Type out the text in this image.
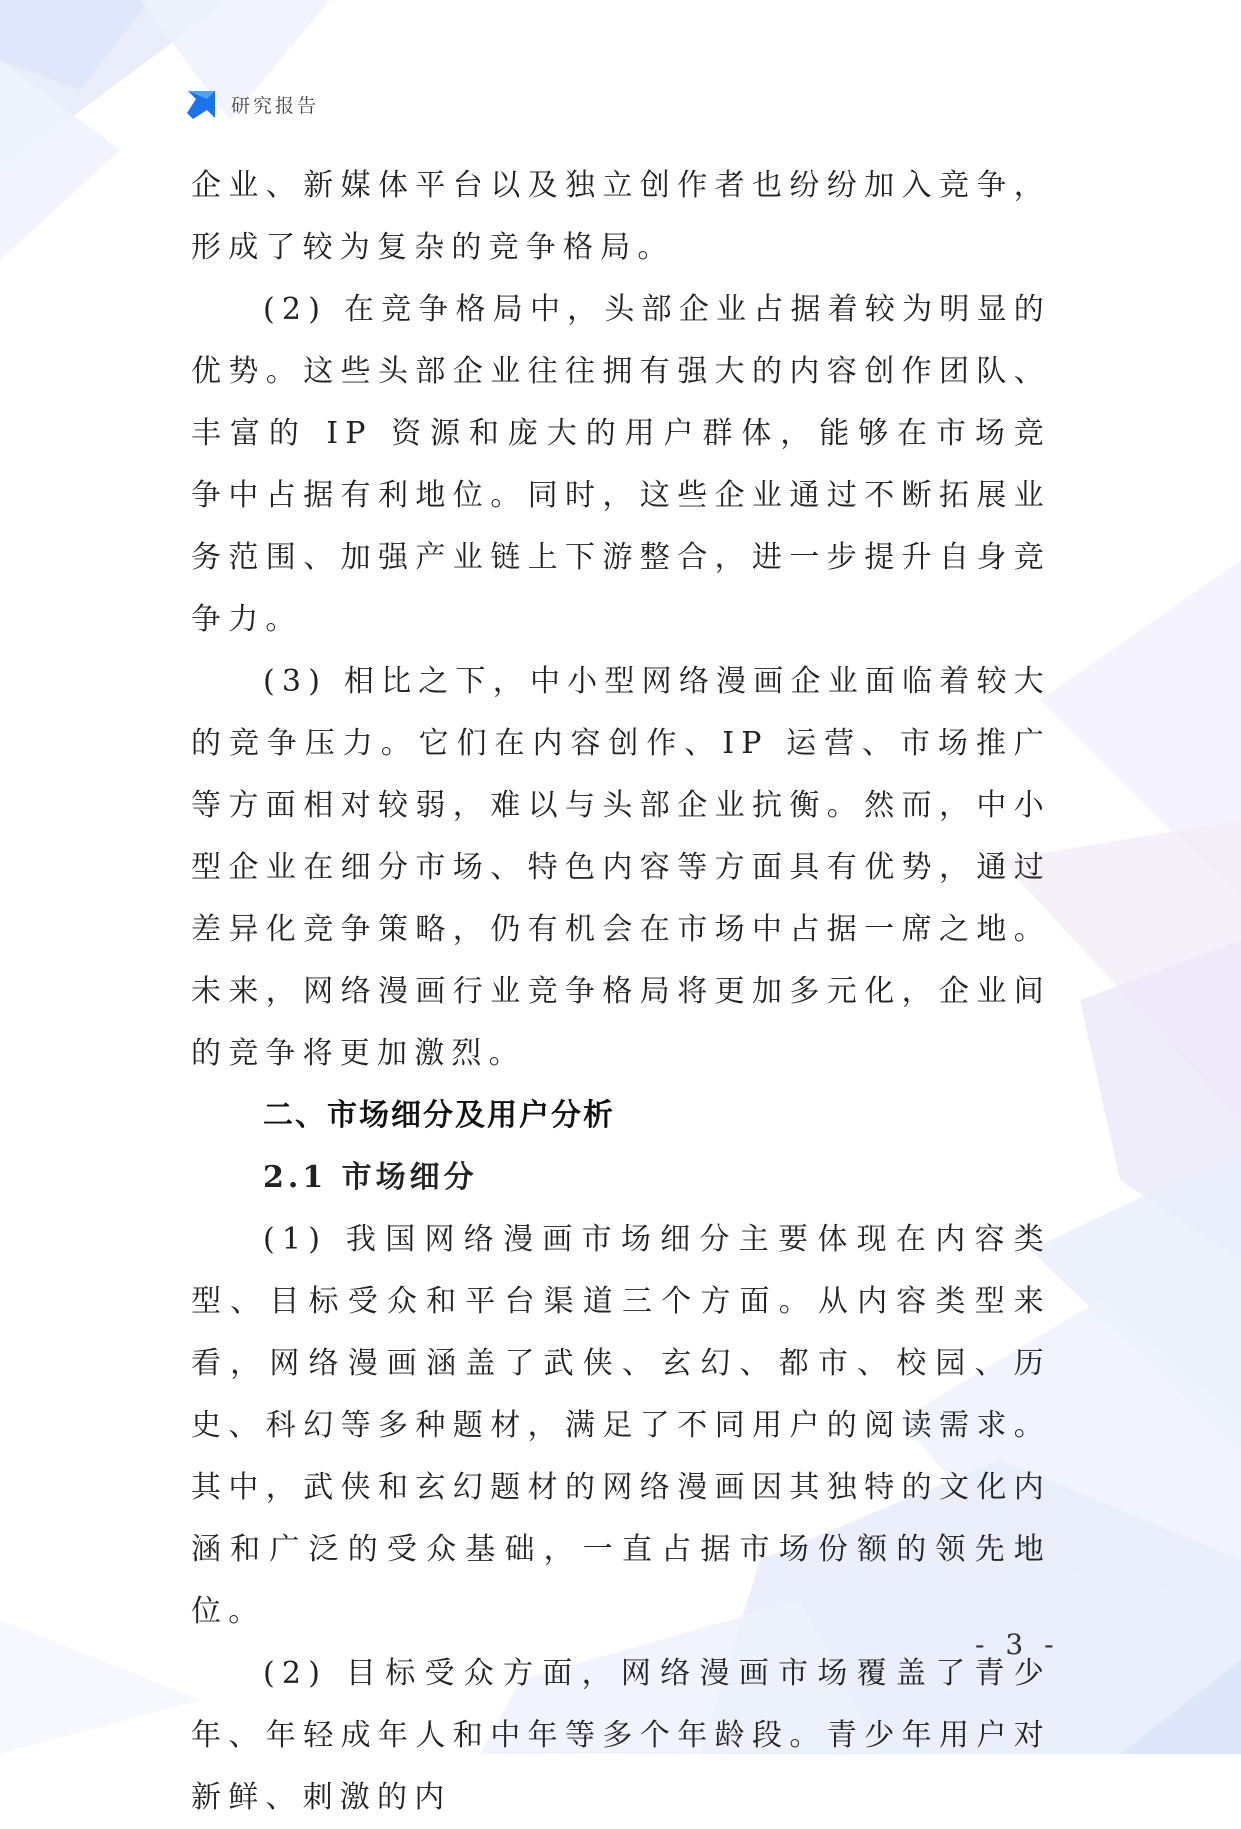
研究报告

企业、新媒体平台以及独立创作者也纷纷加入竞争，形成了较为复杂的竞争格局。

(2) 在竞争格局中，头部企业占据着较为明显的优势。这些头部企业往往拥有强大的内容创作团队、丰富的 IP 资源和庞大的用户群体，能够在市场竞争中占据有利地位。同时，这些企业通过不断拓展业务范围、加强产业链上下游整合，进一步提升自身竞争力。

(3) 相比之下，中小型网络漫画企业面临着较大的竞争压力。它们在内容创作、IP 运营、市场推广等方面相对较弱，难以与头部企业抗衡。然而，中小型企业在细分市场、特色内容等方面具有优势，通过差异化竞争策略，仍有机会在市场中占据一席之地。未来，网络漫画行业竞争格局将更加多元化，企业间的竞争将更加激烈。

二、市场细分及用户分析
2.1 市场细分

(1) 我国网络漫画市场细分主要体现在内容类型、目标受众和平台渠道三个方面。从内容类型来看，网络漫画涵盖了武侠、玄幻、都市、校园、历史、科幻等多种题材，满足了不同用户的阅读需求。其中，武侠和玄幻题材的网络漫画因其独特的文化内涵和广泛的受众基础，一直占据市场份额的领先地位。

(2) 目标受众方面，网络漫画市场覆盖了青少年、年轻成年人和中年等多个年龄段。青少年用户对新鲜、刺激的内

- 3 -
